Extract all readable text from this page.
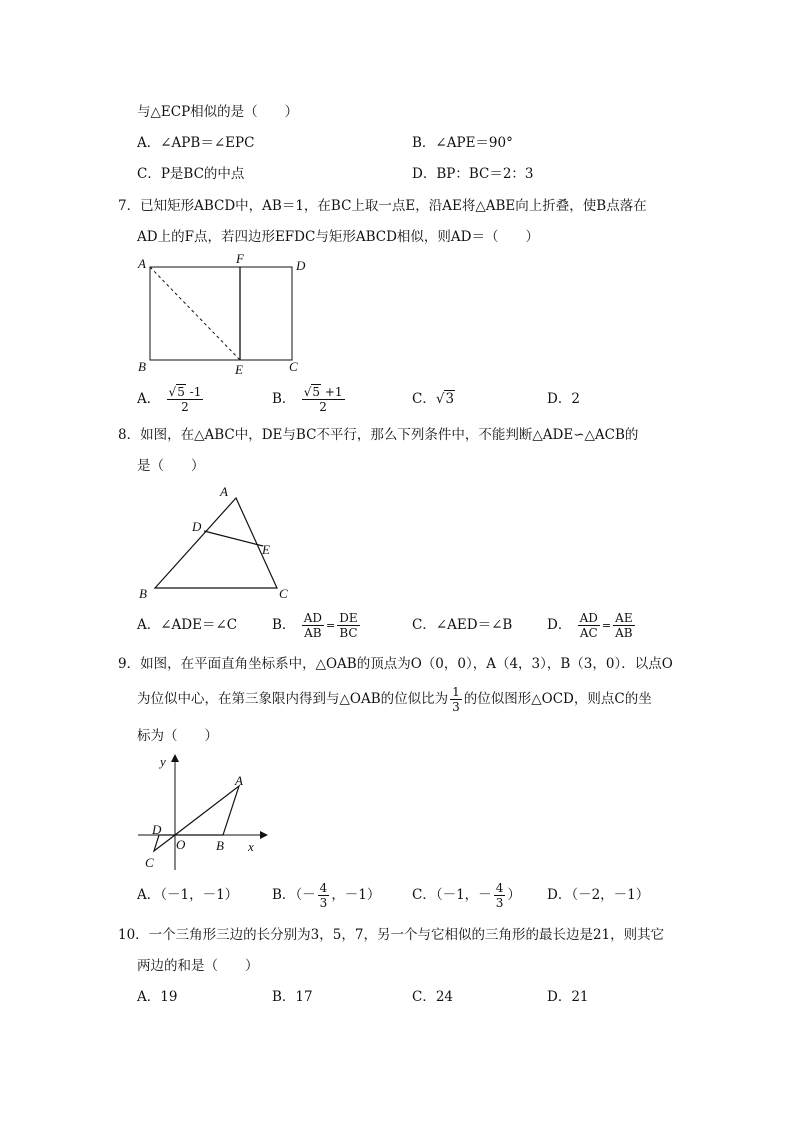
与△ECP相似的是（　　）
A．∠APB＝∠EPC	B．∠APE＝90°
C．P是BC的中点	D．BP：BC＝2：3
7．已知矩形ABCD中，AB＝1，在BC上取一点E，沿AE将△ABE向上折叠，使B点落在
AD上的F点，若四边形EFDC与矩形ABCD相似，则AD＝（　　）
A	F	D
B	E	C
A． $\frac{√5 -1}{2}$	B． $\frac{√5 +1}{2}$	C．√3	D．2
8．如图，在△ABC中，DE与BC不平行，那么下列条件中，不能判断△ADE∽△ACB的
是（　　）
A
D
E
B	C
A．∠ADE＝∠C	B． $\frac{AD}{AB} = \frac{DE}{BC}$	C．∠AED＝∠B	D． $\frac{AD}{AC} = \frac{AE}{AB}$
9．如图，在平面直角坐标系中，△OAB的顶点为O（0，0），A（4，3），B（3，0）．以点O
为位似中心，在第三象限内得到与△OAB的位似比为 $\frac{1}{3}$ 的位似图形△OCD，则点C的坐
标为（　　）
y
x
O
A
B
C
D
A．（－1，－1）	B．（－ $\frac{4}{3}$ ，－1） C．（－1，－ $\frac{4}{3}$ ） D．（－2，－1）
10．一个三角形三边的长分别为3，5，7，另一个与它相似的三角形的最长边是21，则其它
两边的和是（　　）
A．19	B．17	C．24	D．21
